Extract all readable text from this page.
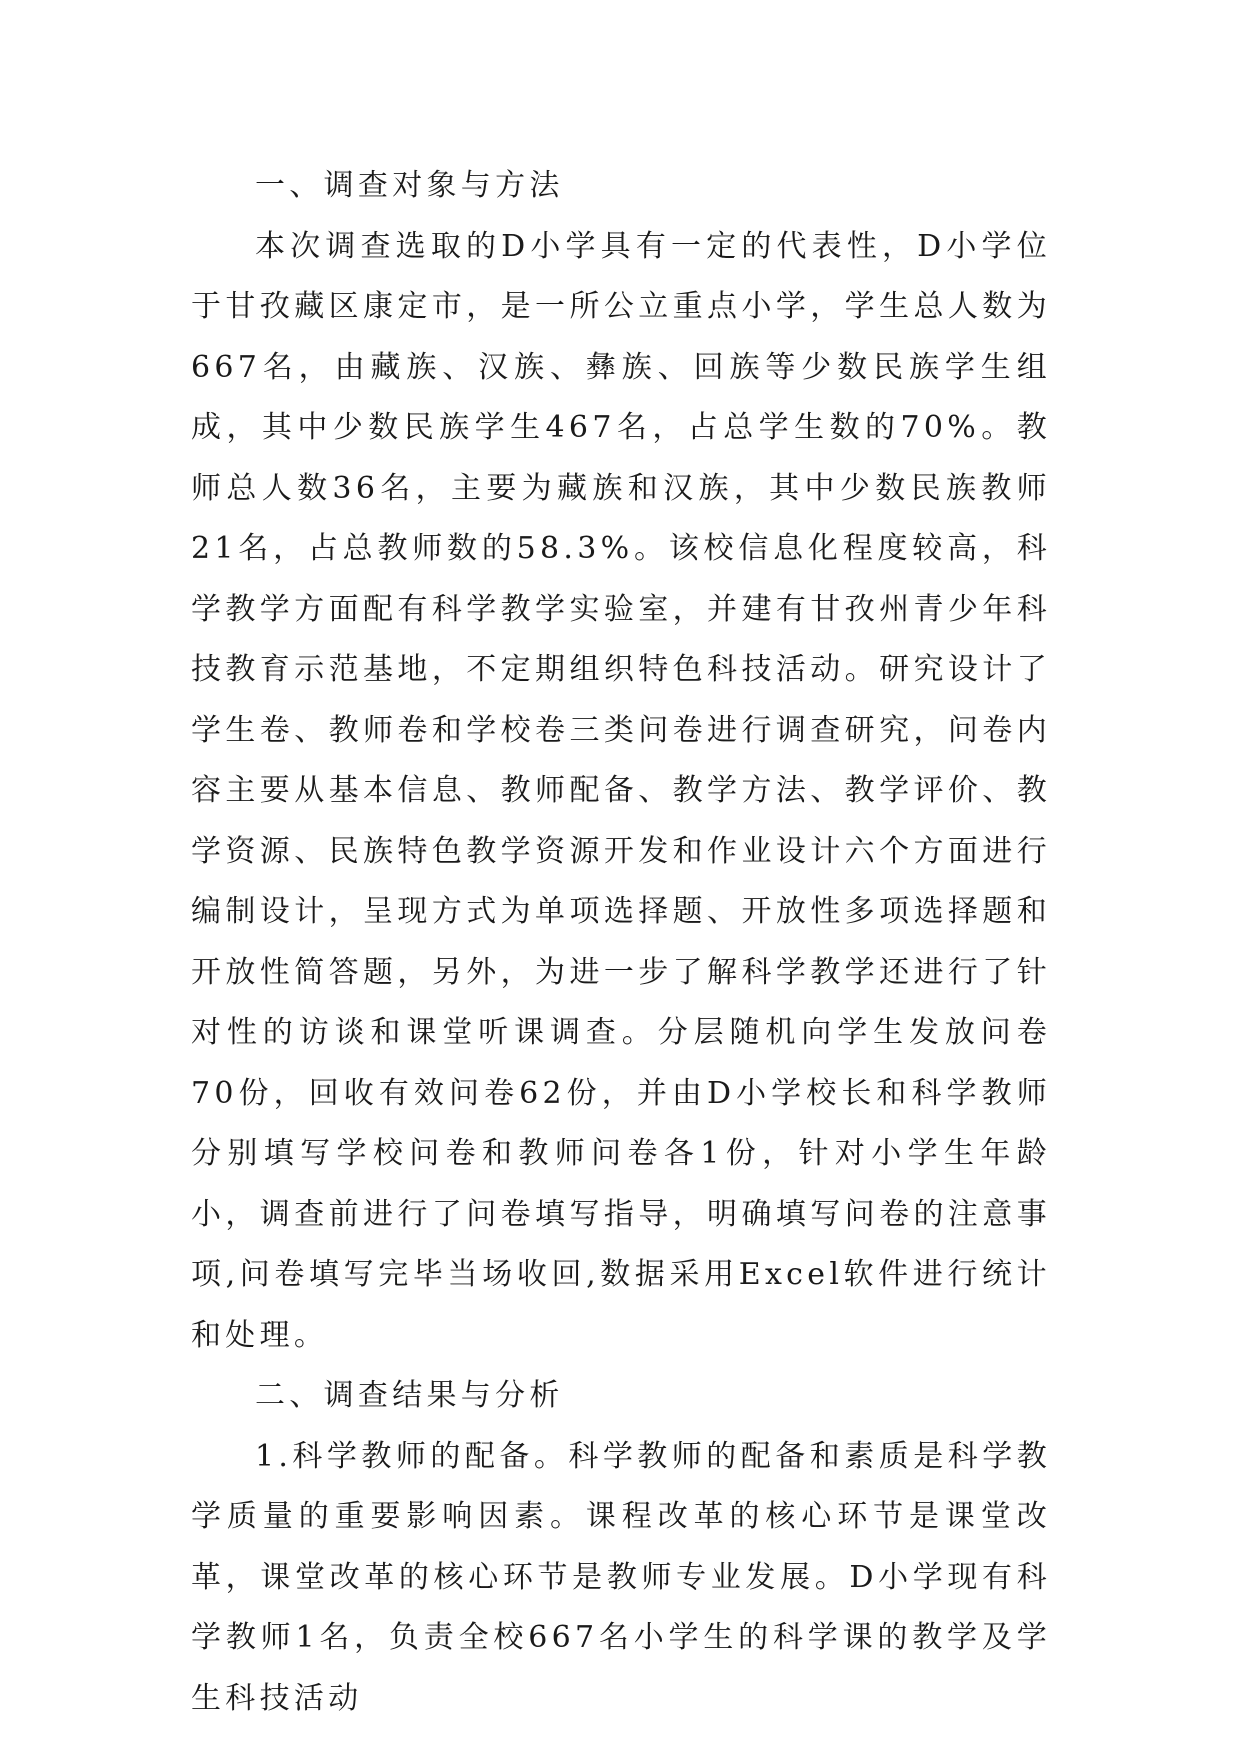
一、调查对象与方法

本次调查选取的D小学具有一定的代表性，D小学位于甘孜藏区康定市，是一所公立重点小学，学生总人数为667名，由藏族、汉族、彝族、回族等少数民族学生组成，其中少数民族学生467名，占总学生数的70%。教师总人数36名，主要为藏族和汉族，其中少数民族教师21名，占总教师数的58.3%。该校信息化程度较高，科学教学方面配有科学教学实验室，并建有甘孜州青少年科技教育示范基地，不定期组织特色科技活动。研究设计了学生卷、教师卷和学校卷三类问卷进行调查研究，问卷内容主要从基本信息、教师配备、教学方法、教学评价、教学资源、民族特色教学资源开发和作业设计六个方面进行编制设计，呈现方式为单项选择题、开放性多项选择题和开放性简答题，另外，为进一步了解科学教学还进行了针对性的访谈和课堂听课调查。分层随机向学生发放问卷70份，回收有效问卷62份，并由D小学校长和科学教师分别填写学校问卷和教师问卷各1份，针对小学生年龄小，调查前进行了问卷填写指导，明确填写问卷的注意事项,问卷填写完毕当场收回,数据采用Excel软件进行统计和处理。

二、调查结果与分析

1.科学教师的配备。科学教师的配备和素质是科学教学质量的重要影响因素。课程改革的核心环节是课堂改革，课堂改革的核心环节是教师专业发展。D小学现有科学教师1名，负责全校667名小学生的科学课的教学及学生科技活动
